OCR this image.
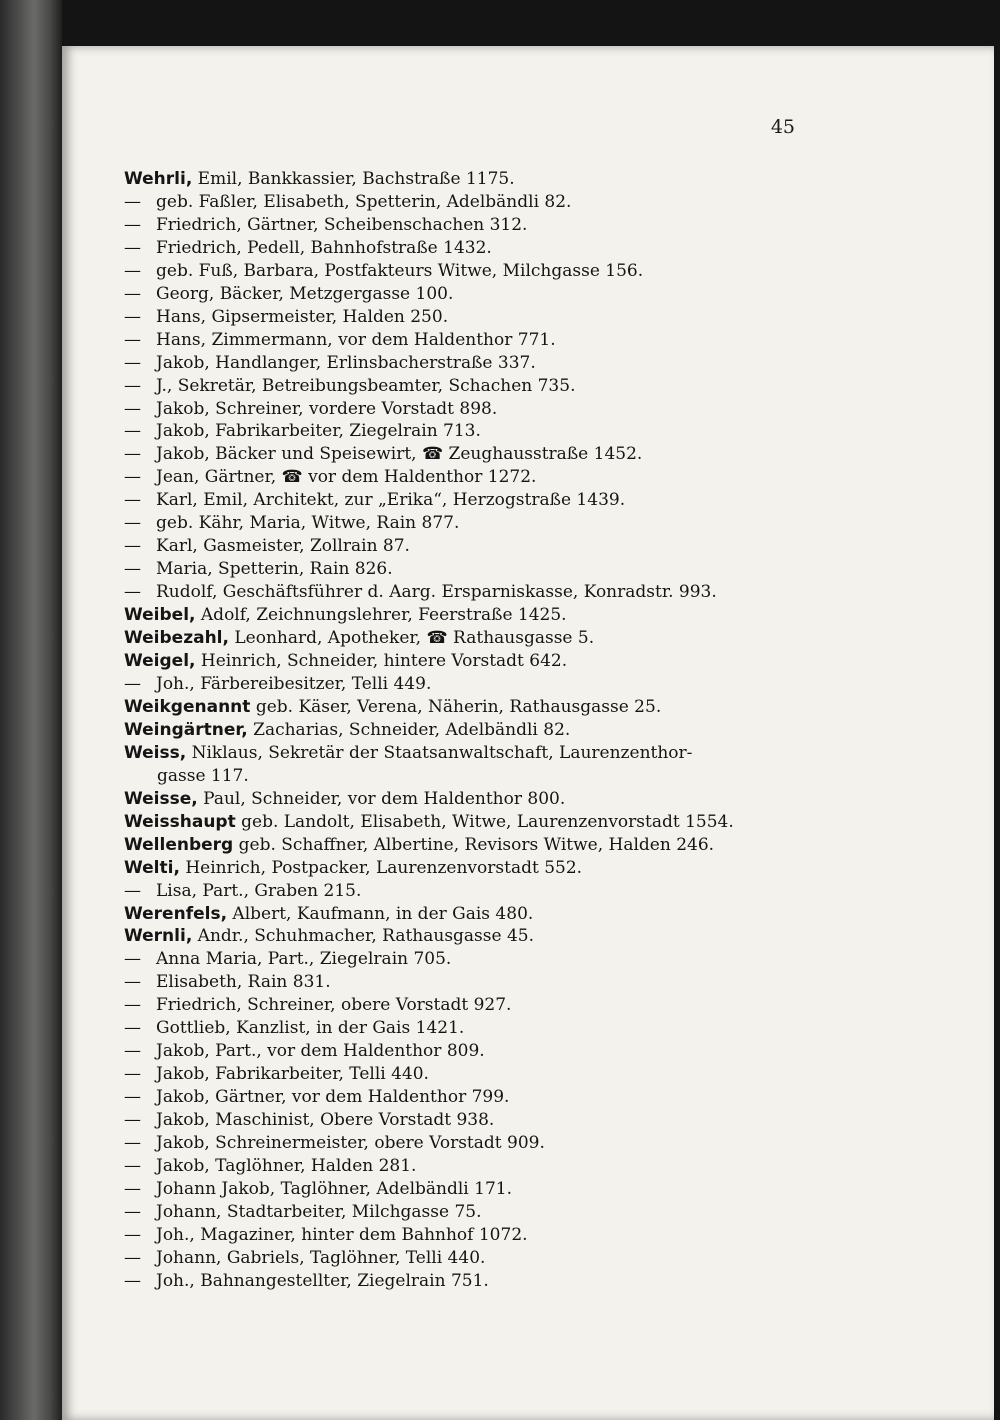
45

Wehrli, Emil, Bankkassier, Bachstraße 1175.
— geb. Faßler, Elisabeth, Spetterin, Adelbändli 82.
— Friedrich, Gärtner, Scheibenschachen 312.
— Friedrich, Pedell, Bahnhofstraße 1432.
— geb. Fuß, Barbara, Postfakteurs Witwe, Milchgasse 156.
— Georg, Bäcker, Metzgergasse 100.
— Hans, Gipsermeister, Halden 250.
— Hans, Zimmermann, vor dem Haldenthor 771.
— Jakob, Handlanger, Erlinsbacherstraße 337.
— J., Sekretär, Betreibungsbeamter, Schachen 735.
— Jakob, Schreiner, vordere Vorstadt 898.
— Jakob, Fabrikarbeiter, Ziegelrain 713.
— Jakob, Bäcker und Speisewirt, ☎ Zeughausstraße 1452.
— Jean, Gärtner, ☎ vor dem Haldenthor 1272.
— Karl, Emil, Architekt, zur „Erika“, Herzogstraße 1439.
— geb. Kähr, Maria, Witwe, Rain 877.
— Karl, Gasmeister, Zollrain 87.
— Maria, Spetterin, Rain 826.
— Rudolf, Geschäftsführer d. Aarg. Ersparniskasse, Konradstr. 993.
Weibel, Adolf, Zeichnungslehrer, Feerstraße 1425.
Weibezahl, Leonhard, Apotheker, ☎ Rathausgasse 5.
Weigel, Heinrich, Schneider, hintere Vorstadt 642.
— Joh., Färbereibesitzer, Telli 449.
Weikgenannt geb. Käser, Verena, Näherin, Rathausgasse 25.
Weingärtner, Zacharias, Schneider, Adelbändli 82.
Weiss, Niklaus, Sekretär der Staatsanwaltschaft, Laurenzenthor-
gasse 117.
Weisse, Paul, Schneider, vor dem Haldenthor 800.
Weisshaupt geb. Landolt, Elisabeth, Witwe, Laurenzenvorstadt 1554.
Wellenberg geb. Schaffner, Albertine, Revisors Witwe, Halden 246.
Welti, Heinrich, Postpacker, Laurenzenvorstadt 552.
— Lisa, Part., Graben 215.
Werenfels, Albert, Kaufmann, in der Gais 480.
Wernli, Andr., Schuhmacher, Rathausgasse 45.
— Anna Maria, Part., Ziegelrain 705.
— Elisabeth, Rain 831.
— Friedrich, Schreiner, obere Vorstadt 927.
— Gottlieb, Kanzlist, in der Gais 1421.
— Jakob, Part., vor dem Haldenthor 809.
— Jakob, Fabrikarbeiter, Telli 440.
— Jakob, Gärtner, vor dem Haldenthor 799.
— Jakob, Maschinist, Obere Vorstadt 938.
— Jakob, Schreinermeister, obere Vorstadt 909.
— Jakob, Taglöhner, Halden 281.
— Johann Jakob, Taglöhner, Adelbändli 171.
— Johann, Stadtarbeiter, Milchgasse 75.
— Joh., Magaziner, hinter dem Bahnhof 1072.
— Johann, Gabriels, Taglöhner, Telli 440.
— Joh., Bahnangestellter, Ziegelrain 751.
